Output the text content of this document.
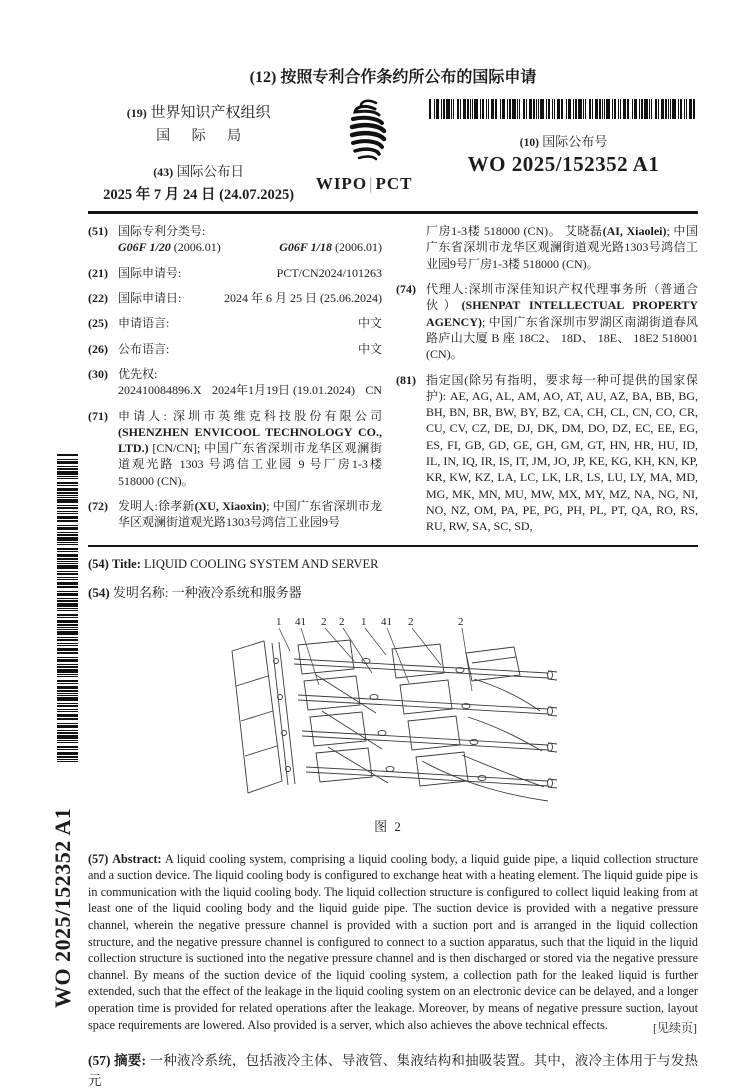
WO 2025/152352 A1
(12) 按照专利合作条约所公布的国际申请
(19) 世界知识产权组织
国 际 局
(43) 国际公布日
2025 年 7 月 24 日 (24.07.2025)
WIPO | PCT
(10) 国际公布号
WO 2025/152352 A1
(51) 国际专利分类号:
G06F 1/20 (2006.01)	G06F 1/18 (2006.01)
(21) 国际申请号:	PCT/CN2024/101263
(22) 国际申请日:	2024 年 6 月 25 日 (25.06.2024)
(25) 申请语言:	中文
(26) 公布语言:	中文
(30) 优先权:
202410084896.X 2024年1月19日 (19.01.2024) CN
(71) 申请人: 深圳市英维克科技股份有限公司(SHENZHEN ENVICOOL TECHNOLOGY CO., LTD.) [CN/CN]; 中国广东省深圳市龙华区观澜街道观光路 1303 号鸿信工业园 9 号厂房1-3楼 518000 (CN)。
(72) 发明人:徐孝新(XU, Xiaoxin); 中国广东省深圳市龙华区观澜街道观光路1303号鸿信工业园9号
厂房1-3楼 518000 (CN)。 艾晓磊(AI, Xiaolei); 中国广东省深圳市龙华区观澜街道观光路1303号鸿信工业园9号厂房1-3楼 518000 (CN)。
(74) 代理人:深圳市深佳知识产权代理事务所（普通合伙）(SHENPAT INTELLECTUAL PROPERTY AGENCY); 中国广东省深圳市罗湖区南湖街道春风路庐山大厦 B 座 18C2、 18D、 18E、 18E2 518001 (CN)。
(81) 指定国(除另有指明，要求每一种可提供的国家保护): AE, AG, AL, AM, AO, AT, AU, AZ, BA, BB, BG, BH, BN, BR, BW, BY, BZ, CA, CH, CL, CN, CO, CR, CU, CV, CZ, DE, DJ, DK, DM, DO, DZ, EC, EE, EG, ES, FI, GB, GD, GE, GH, GM, GT, HN, HR, HU, ID, IL, IN, IQ, IR, IS, IT, JM, JO, JP, KE, KG, KH, KN, KP, KR, KW, KZ, LA, LC, LK, LR, LS, LU, LY, MA, MD, MG, MK, MN, MU, MW, MX, MY, MZ, NA, NG, NI, NO, NZ, OM, PA, PE, PG, PH, PL, PT, QA, RO, RS, RU, RW, SA, SC, SD,
(54) Title: LIQUID COOLING SYSTEM AND SERVER
(54) 发明名称: 一种液冷系统和服务器
1 41 2 2 1 41 2	2
图 2
(57) Abstract: A liquid cooling system, comprising a liquid cooling body, a liquid guide pipe, a liquid collection structure and a suction device. The liquid cooling body is configured to exchange heat with a heating element. The liquid guide pipe is in communication with the liquid cooling body. The liquid collection structure is configured to collect liquid leaking from at least one of the liquid cooling body and the liquid guide pipe. The suction device is provided with a negative pressure channel, wherein the negative pressure channel is provided with a suction port and is arranged in the liquid collection structure, and the negative pressure channel is configured to connect to a suction apparatus, such that the liquid in the liquid collection structure is suctioned into the negative pressure channel and is then discharged or stored via the negative pressure channel. By means of the suction device of the liquid cooling system, a collection path for the leaked liquid is further extended, such that the effect of the leakage in the liquid cooling system on an electronic device can be delayed, and a longer operation time is provided for related operations after the leakage. Moreover, by means of negative pressure suction, layout space requirements are lowered. Also provided is a server, which also achieves the above technical effects.
(57) 摘要: 一种液冷系统，包括液冷主体、导液管、集液结构和抽吸装置。其中，液冷主体用于与发热元
[见续页]
